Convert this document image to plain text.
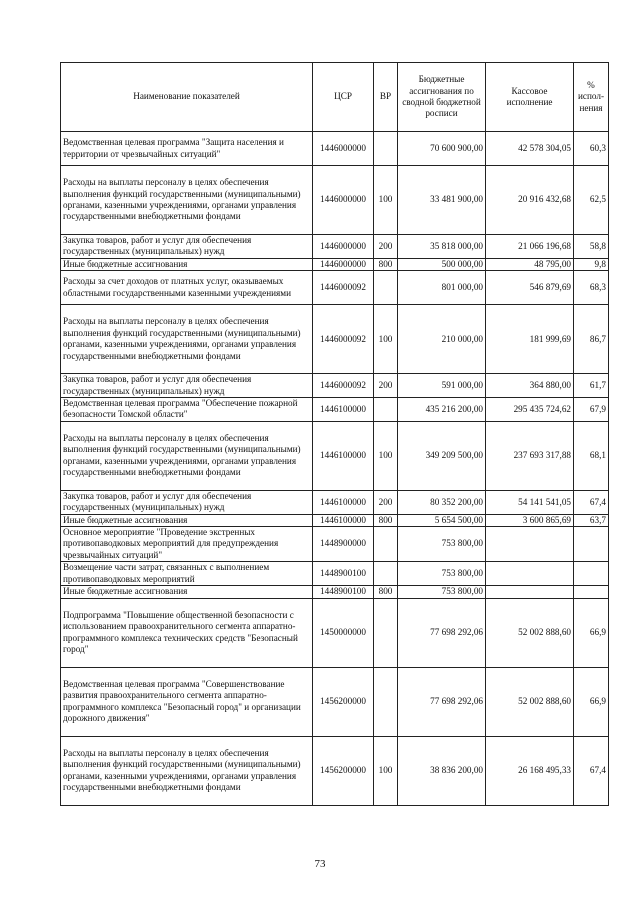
Наименование показателей	ЦСР	ВР	Бюджетные ассигнования по сводной бюджетной росписи	Кассовое исполнение	% испол-нения
Ведомственная целевая программа "Защита населения и территории от чрезвычайных ситуаций"	1446000000		70 600 900,00	42 578 304,05	60,3
Расходы на выплаты персоналу в целях обеспечения выполнения функций государственными (муниципальными) органами, казенными учреждениями, органами управления государственными внебюджетными фондами	1446000000	100	33 481 900,00	20 916 432,68	62,5
Закупка товаров, работ и услуг для обеспечения государственных (муниципальных) нужд	1446000000	200	35 818 000,00	21 066 196,68	58,8
Иные бюджетные ассигнования	1446000000	800	500 000,00	48 795,00	9,8
Расходы за счет доходов от платных услуг, оказываемых областными государственными казенными учреждениями	1446000092		801 000,00	546 879,69	68,3
Расходы на выплаты персоналу в целях обеспечения выполнения функций государственными (муниципальными) органами, казенными учреждениями, органами управления государственными внебюджетными фондами	1446000092	100	210 000,00	181 999,69	86,7
Закупка товаров, работ и услуг для обеспечения государственных (муниципальных) нужд	1446000092	200	591 000,00	364 880,00	61,7
Ведомственная целевая программа "Обеспечение пожарной безопасности Томской области"	1446100000		435 216 200,00	295 435 724,62	67,9
Расходы на выплаты персоналу в целях обеспечения выполнения функций государственными (муниципальными) органами, казенными учреждениями, органами управления государственными внебюджетными фондами	1446100000	100	349 209 500,00	237 693 317,88	68,1
Закупка товаров, работ и услуг для обеспечения государственных (муниципальных) нужд	1446100000	200	80 352 200,00	54 141 541,05	67,4
Иные бюджетные ассигнования	1446100000	800	5 654 500,00	3 600 865,69	63,7
Основное мероприятие "Проведение экстренных противопаводковых мероприятий для предупреждения чрезвычайных ситуаций"	1448900000		753 800,00		
Возмещение части затрат, связанных с выполнением противопаводковых мероприятий	1448900100		753 800,00		
Иные бюджетные ассигнования	1448900100	800	753 800,00		
Подпрограмма "Повышение общественной безопасности с использованием правоохранительного сегмента аппаратно-программного комплекса технических средств "Безопасный город"	1450000000		77 698 292,06	52 002 888,60	66,9
Ведомственная целевая программа "Совершенствование развития правоохранительного сегмента аппаратно-программного комплекса "Безопасный город" и организации дорожного движения"	1456200000		77 698 292,06	52 002 888,60	66,9
Расходы на выплаты персоналу в целях обеспечения выполнения функций государственными (муниципальными) органами, казенными учреждениями, органами управления государственными внебюджетными фондами	1456200000	100	38 836 200,00	26 168 495,33	67,4
73
